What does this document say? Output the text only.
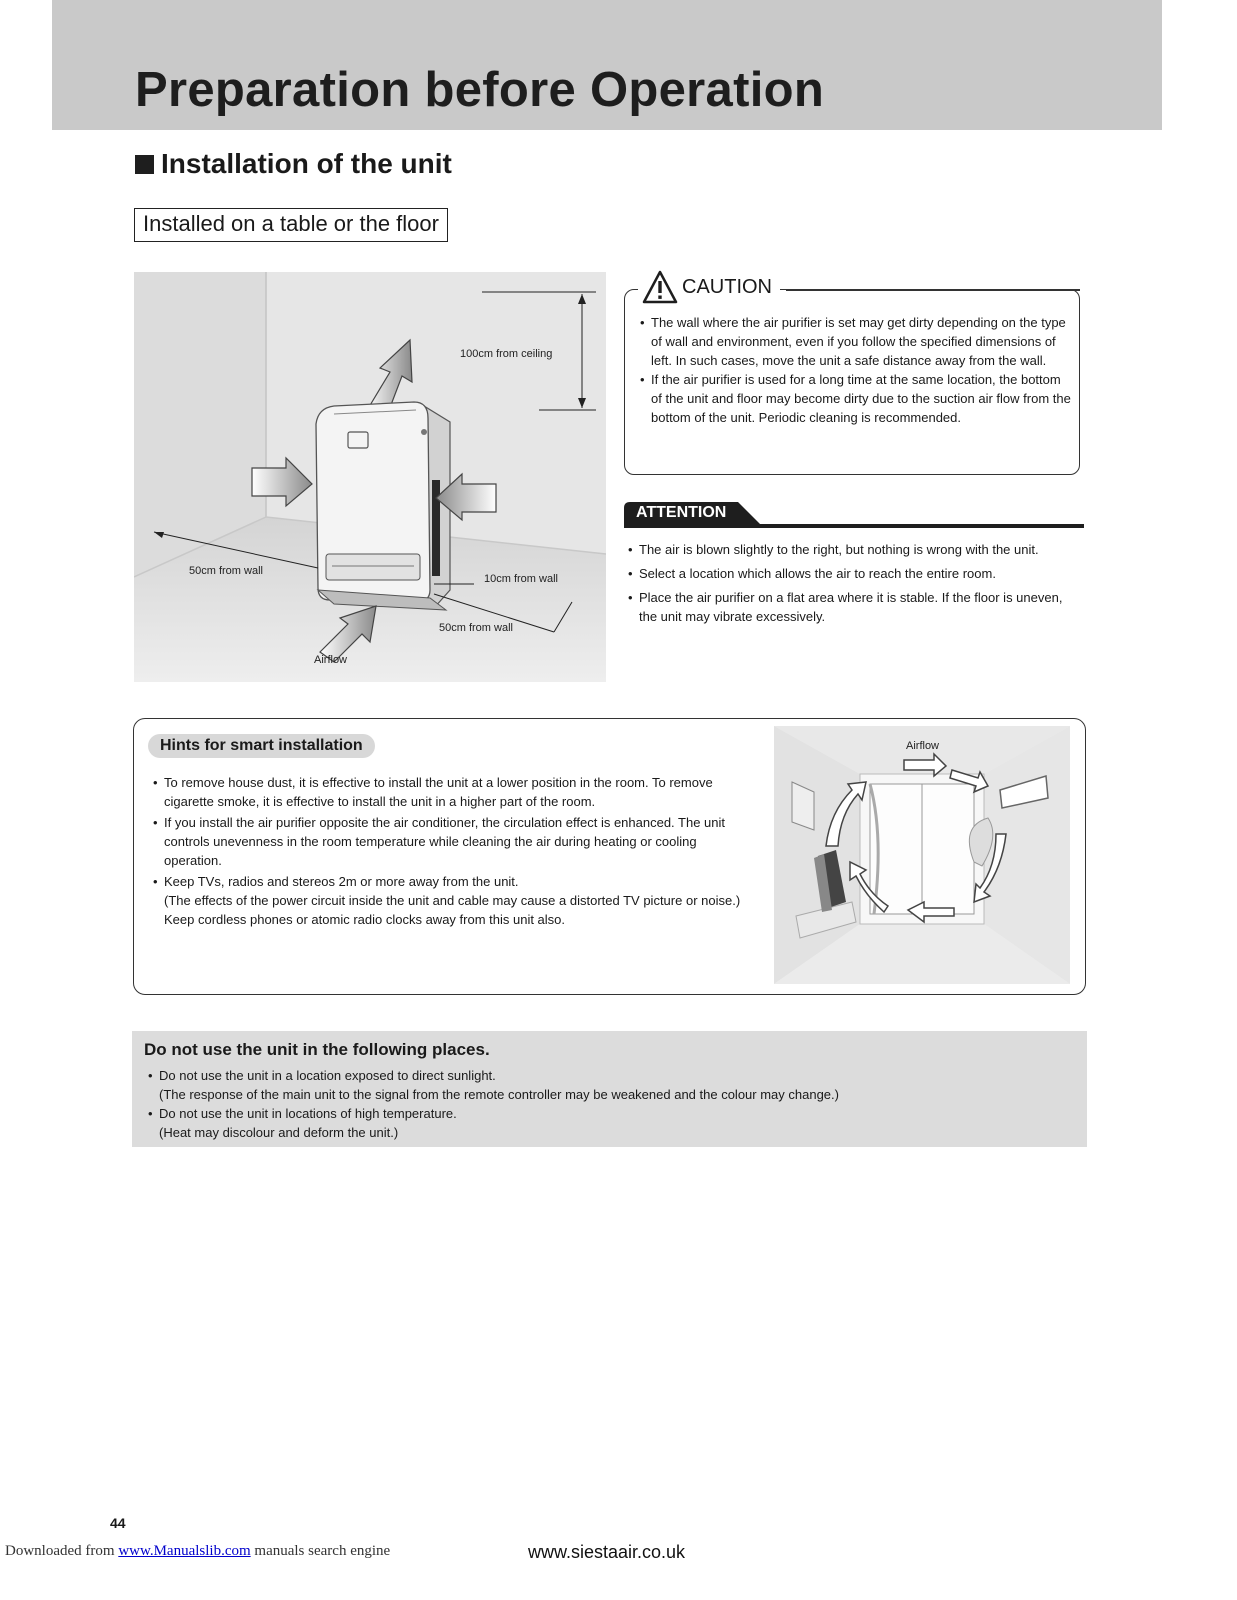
Preparation before Operation
Installation of the unit
Installed on a table or the floor
100cm from ceiling
50cm from wall
10cm from wall
50cm from wall
Airflow
CAUTION
• The wall where the air purifier is set may get dirty depending on the type of wall and environment, even if you follow the specified dimensions of left. In such cases, move the unit a safe distance away from the wall.
• If the air purifier is used for a long time at the same location, the bottom of the unit and floor may become dirty due to the suction air flow from the bottom of the unit. Periodic cleaning is recommended.
ATTENTION
• The air is blown slightly to the right, but nothing is wrong with the unit.
• Select a location which allows the air to reach the entire room.
• Place the air purifier on a flat area where it is stable. If the floor is uneven, the unit may vibrate excessively.
Hints for smart installation
• To remove house dust, it is effective to install the unit at a lower position in the room. To remove cigarette smoke, it is effective to install the unit in a higher part of the room.
• If you install the air purifier opposite the air conditioner, the circulation effect is enhanced. The unit controls unevenness in the room temperature while cleaning the air during heating or cooling operation.
• Keep TVs, radios and stereos 2m or more away from the unit.
(The effects of the power circuit inside the unit and cable may cause a distorted TV picture or noise.)
Keep cordless phones or atomic radio clocks away from this unit also.
Airflow
Do not use the unit in the following places.
• Do not use the unit in a location exposed to direct sunlight.
(The response of the main unit to the signal from the remote controller may be weakened and the colour may change.)
• Do not use the unit in locations of high temperature.
(Heat may discolour and deform the unit.)
44
Downloaded from www.Manualslib.com manuals search engine	www.siestaair.co.uk
